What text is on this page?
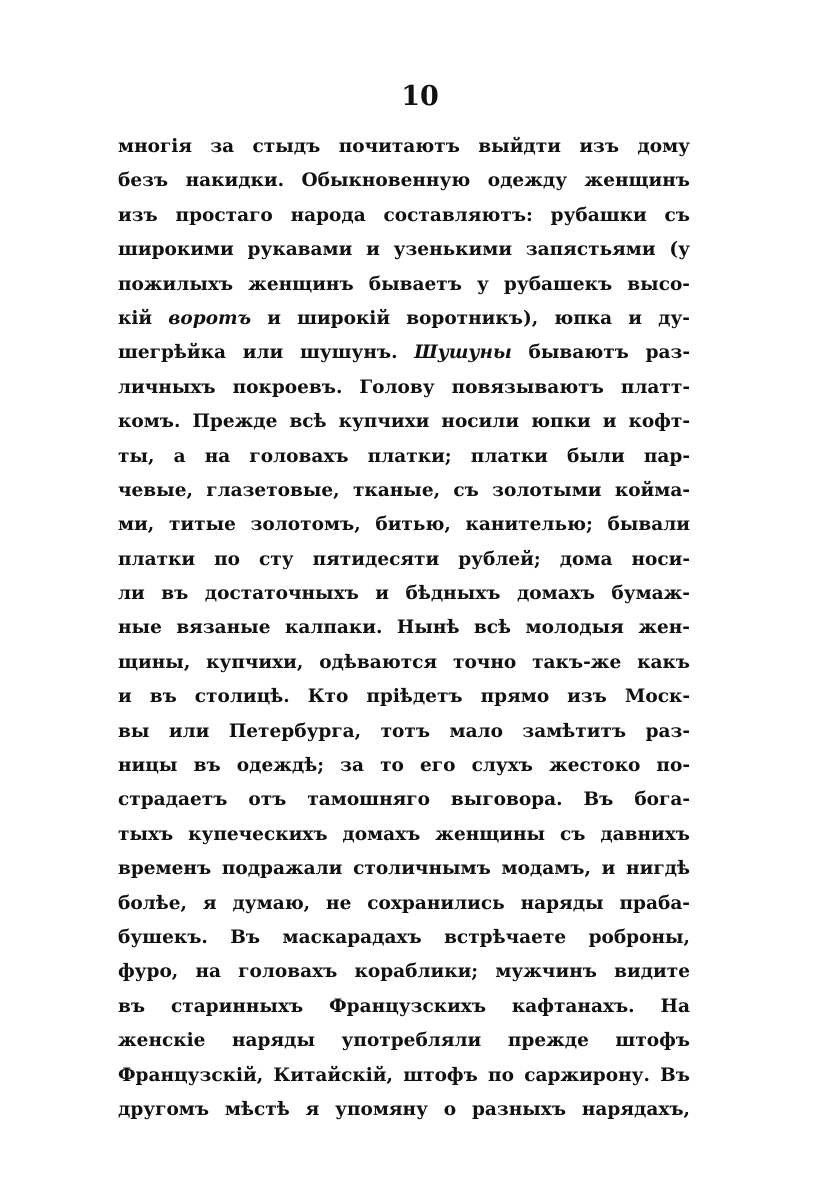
10
многія за стыдъ почитаютъ выйдти изъ дому
безъ накидки. Обыкновенную одежду женщинъ
изъ простаго народа составляютъ: рубашки съ
широкими рукавами и узенькими запястьями (у
пожилыхъ женщинъ бываетъ у рубашекъ высо-
кій воротъ и широкій воротникъ), юпка и ду-
шегрѣйка или шушунъ. Шушуны бываютъ раз-
личныхъ покроевъ. Голову повязываютъ платт-
комъ. Прежде всѣ купчихи носили юпки и кофт-
ты, а на головахъ платки; платки были пар-
чевые, глазетовые, тканые, съ золотыми коймa-
ми, титые золотомъ, битью, канителью; бывали
платки по сту пятидесяти рублей; дома носи-
ли въ достаточныхъ и бѣдныхъ домахъ бумаж-
ные вязаные калпаки. Нынѣ всѣ молодыя жен-
щины, купчихи, одѣваются точно такъ-же какъ
и въ столицѣ. Кто пріѣдетъ прямо изъ Моск-
вы или Петербурга, тотъ мало замѣтитъ раз-
ницы въ одеждѣ; за то его слухъ жестоко по-
страдаетъ отъ тамошняго выговора. Въ бога-
тыхъ купеческихъ домахъ женщины съ давнихъ
временъ подражали столичнымъ модамъ, и нигдѣ
болѣе, я думаю, не сохранились наряды праба-
бушекъ. Въ маскарадахъ встрѣчаете роброны,
фуро, на головахъ кораблики; мужчинъ видите
въ старинныхъ Французскихъ кафтанахъ. На
женскіе наряды употребляли прежде штофъ
Французскій, Китайскій, штофъ по саржирону. Въ
другомъ мѣстѣ я упомяну о разныхъ нарядахъ,
